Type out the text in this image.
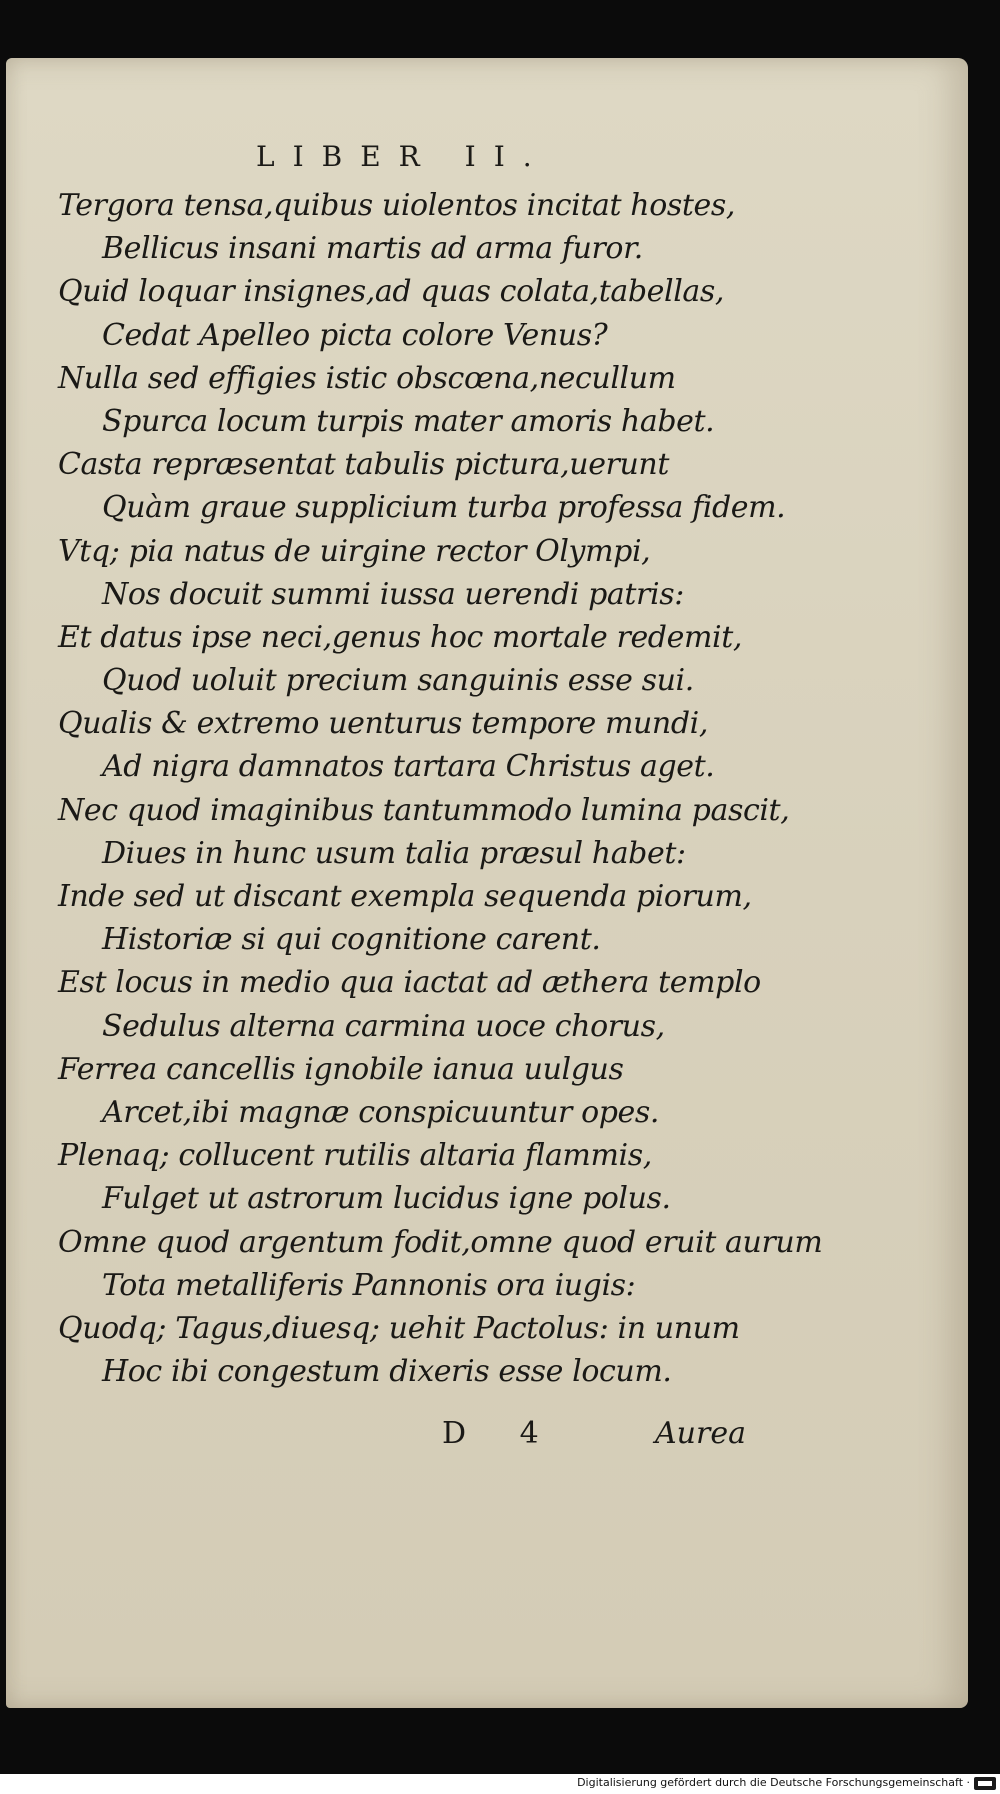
LIBER II.
Tergora tensa,quibus uiolentos incitat hostes,
Bellicus insani martis ad arma furor.
Quid loquar insignes,ad quas colata,tabellas,
Cedat Apelleo picta colore Venus?
Nulla sed effigies istic obscœna,necullum
Spurca locum turpis mater amoris habet.
Casta repræsentat tabulis pictura,uerunt
Quàm graue supplicium turba professa fidem.
Vtq; pia natus de uirgine rector Olympi,
Nos docuit summi iussa uerendi patris:
Et datus ipse neci,genus hoc mortale redemit,
Quod uoluit precium sanguinis esse sui.
Qualis & extremo uenturus tempore mundi,
Ad nigra damnatos tartara Christus aget.
Nec quod imaginibus tantummodo lumina pascit,
Diues in hunc usum talia præsul habet:
Inde sed ut discant exempla sequenda piorum,
Historiæ si qui cognitione carent.
Est locus in medio qua iactat ad æthera templo
Sedulus alterna carmina uoce chorus,
Ferrea cancellis ignobile ianua uulgus
Arcet,ibi magnæ conspicuuntur opes.
Plenaq; collucent rutilis altaria flammis,
Fulget ut astrorum lucidus igne polus.
Omne quod argentum fodit,omne quod eruit aurum
Tota metalliferis Pannonis ora iugis:
Quodq; Tagus,diuesq; uehit Pactolus: in unum
Hoc ibi congestum dixeris esse locum.
D 4	Aurea
Digitalisierung gefördert durch die Deutsche Forschungsgemeinschaft ·
